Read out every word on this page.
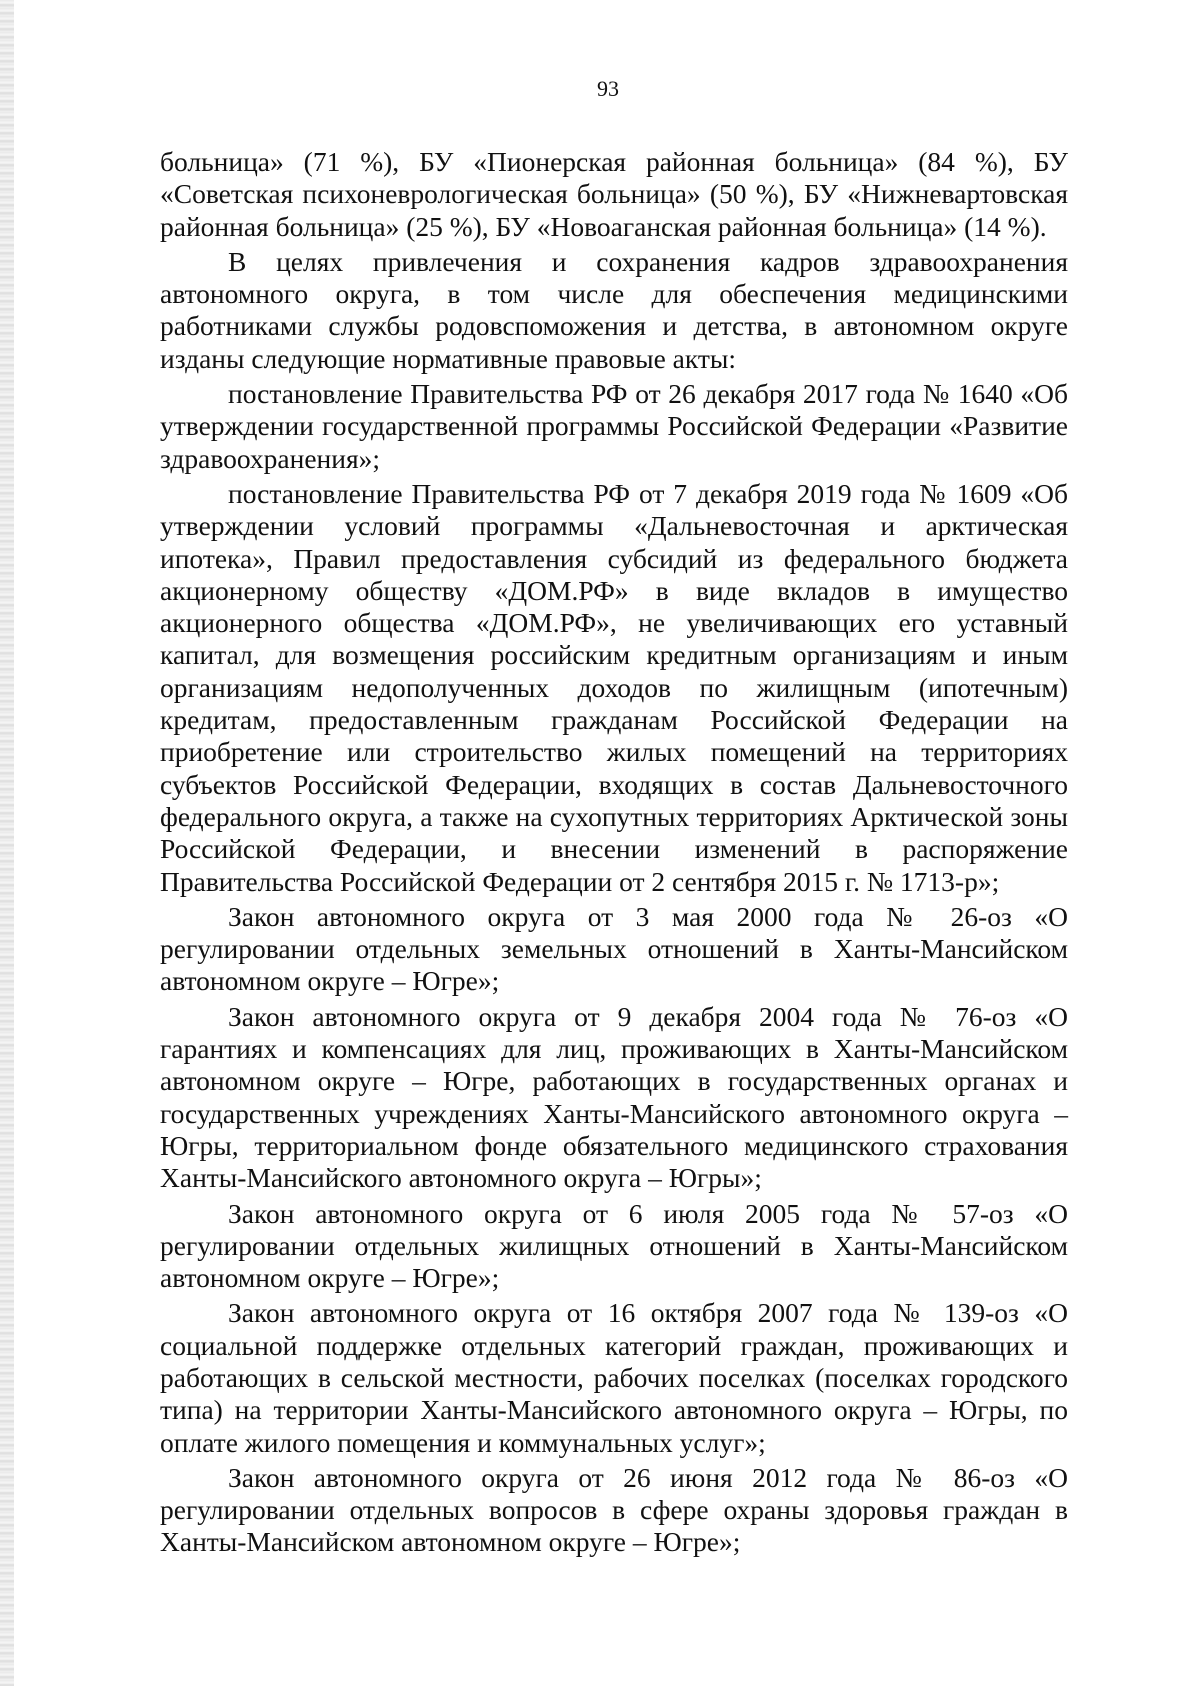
93

больница» (71 %), БУ «Пионерская районная больница» (84 %), БУ «Советская психоневрологическая больница» (50 %), БУ «Нижневартовская районная больница» (25 %), БУ «Новоаганская районная больница» (14 %).

В целях привлечения и сохранения кадров здравоохранения автономного округа, в том числе для обеспечения медицинскими работниками службы родовспоможения и детства, в автономном округе изданы следующие нормативные правовые акты:

постановление Правительства РФ от 26 декабря 2017 года № 1640 «Об утверждении государственной программы Российской Федерации «Развитие здравоохранения»;

постановление Правительства РФ от 7 декабря 2019 года № 1609 «Об утверждении условий программы «Дальневосточная и арктическая ипотека», Правил предоставления субсидий из федерального бюджета акционерному обществу «ДОМ.РФ» в виде вкладов в имущество акционерного общества «ДОМ.РФ», не увеличивающих его уставный капитал, для возмещения российским кредитным организациям и иным организациям недополученных доходов по жилищным (ипотечным) кредитам, предоставленным гражданам Российской Федерации на приобретение или строительство жилых помещений на территориях субъектов Российской Федерации, входящих в состав Дальневосточного федерального округа, а также на сухопутных территориях Арктической зоны Российской Федерации, и внесении изменений в распоряжение Правительства Российской Федерации от 2 сентября 2015 г. № 1713-р»;

Закон автономного округа от 3 мая 2000 года № 26-оз «О регулировании отдельных земельных отношений в Ханты-Мансийском автономном округе – Югре»;

Закон автономного округа от 9 декабря 2004 года № 76-оз «О гарантиях и компенсациях для лиц, проживающих в Ханты-Мансийском автономном округе – Югре, работающих в государственных органах и государственных учреждениях Ханты-Мансийского автономного округа – Югры, территориальном фонде обязательного медицинского страхования Ханты-Мансийского автономного округа – Югры»;

Закон автономного округа от 6 июля 2005 года № 57-оз «О регулировании отдельных жилищных отношений в Ханты-Мансийском автономном округе – Югре»;

Закон автономного округа от 16 октября 2007 года № 139-оз «О социальной поддержке отдельных категорий граждан, проживающих и работающих в сельской местности, рабочих поселках (поселках городского типа) на территории Ханты-Мансийского автономного округа – Югры, по оплате жилого помещения и коммунальных услуг»;

Закон автономного округа от 26 июня 2012 года № 86-оз «О регулировании отдельных вопросов в сфере охраны здоровья граждан в Ханты-Мансийском автономном округе – Югре»;
